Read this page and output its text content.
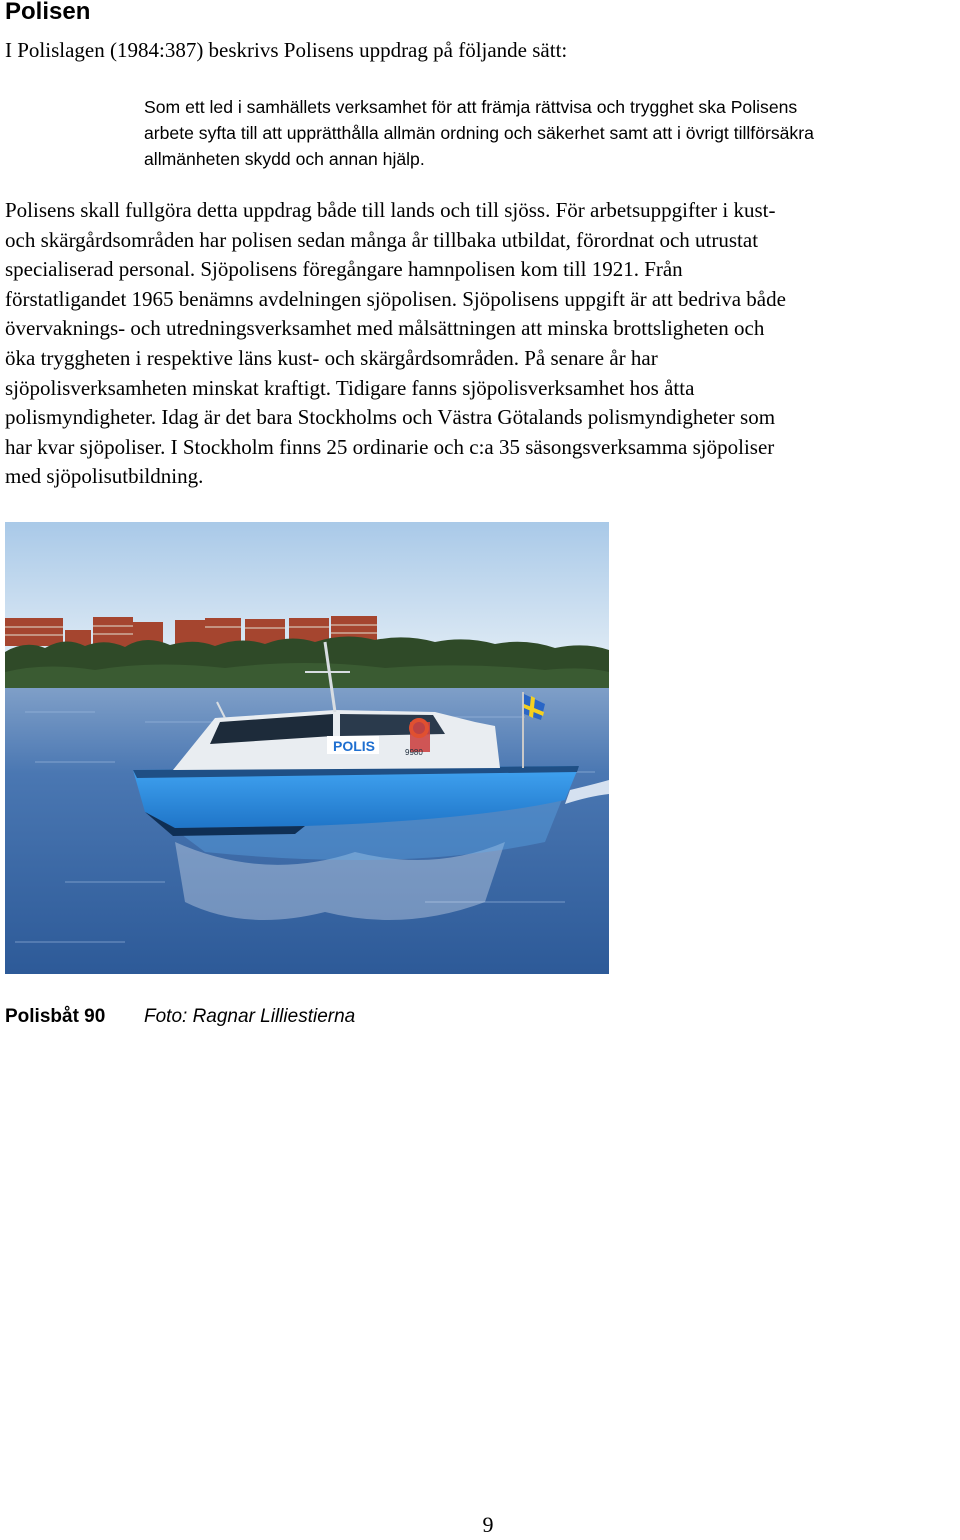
Polisen

I Polislagen (1984:387) beskrivs Polisens uppdrag på följande sätt:

Som ett led i samhällets verksamhet för att främja rättvisa och trygghet ska Polisens
arbete syfta till att upprätthålla allmän ordning och säkerhet samt att i övrigt tillförsäkra
allmänheten skydd och annan hjälp.

Polisens skall fullgöra detta uppdrag både till lands och till sjöss. För arbetsuppgifter i kust-
och skärgårdsområden har polisen sedan många år tillbaka utbildat, förordnat och utrustat
specialiserad personal. Sjöpolisens föregångare hamnpolisen kom till 1921. Från
förstatligandet 1965 benämns avdelningen sjöpolisen. Sjöpolisens uppgift är att bedriva både
övervaknings- och utredningsverksamhet med målsättningen att minska brottsligheten och
öka tryggheten i respektive läns kust- och skärgårdsområden. På senare år har
sjöpolisverksamheten minskat kraftigt. Tidigare fanns sjöpolisverksamhet hos åtta
polismyndigheter. Idag är det bara Stockholms och Västra Götalands polismyndigheter som
har kvar sjöpoliser. I Stockholm finns 25 ordinarie och c:a 35 säsongsverksamma sjöpoliser
med sjöpolisutbildning.

POLIS	9980
Polisbåt 90 Foto: Ragnar Lilliestierna

9
